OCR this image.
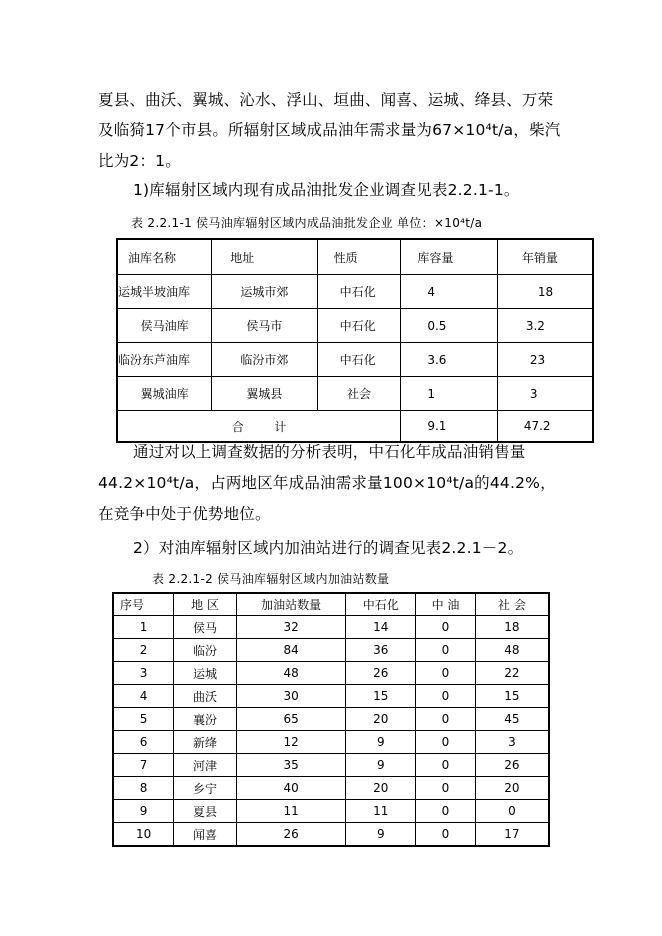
夏县、曲沃、翼城、沁水、浮山、垣曲、闻喜、运城、绛县、万荣
及临猗17个市县。所辐射区域成品油年需求量为67×10⁴t/a，柴汽
比为2：1。
1)库辐射区域内现有成品油批发企业调查见表2.2.1-1。
表 2.2.1-1 侯马油库辐射区域内成品油批发企业 单位：×10⁴t/a
油库名称	地址	性质	库容量	年销量
运城半坡油库	运城市郊	中石化	4	18
侯马油库	侯马市	中石化	0.5	3.2
临汾东芦油库	临汾市郊	中石化	3.6	23
翼城油库	翼城县	社会	1	3
合        计			9.1	47.2
通过对以上调查数据的分析表明，中石化年成品油销售量
44.2×10⁴t/a，占两地区年成品油需求量100×10⁴t/a的44.2%，
在竞争中处于优势地位。
2）对油库辐射区域内加油站进行的调查见表2.2.1－2。
表 2.2.1-2 侯马油库辐射区域内加油站数量
序号	地 区	加油站数量	中石化	中 油	社 会
1	侯马	32	14	0	18
2	临汾	84	36	0	48
3	运城	48	26	0	22
4	曲沃	30	15	0	15
5	襄汾	65	20	0	45
6	新绛	12	9	0	3
7	河津	35	9	0	26
8	乡宁	40	20	0	20
9	夏县	11	11	0	0
10	闻喜	26	9	0	17
